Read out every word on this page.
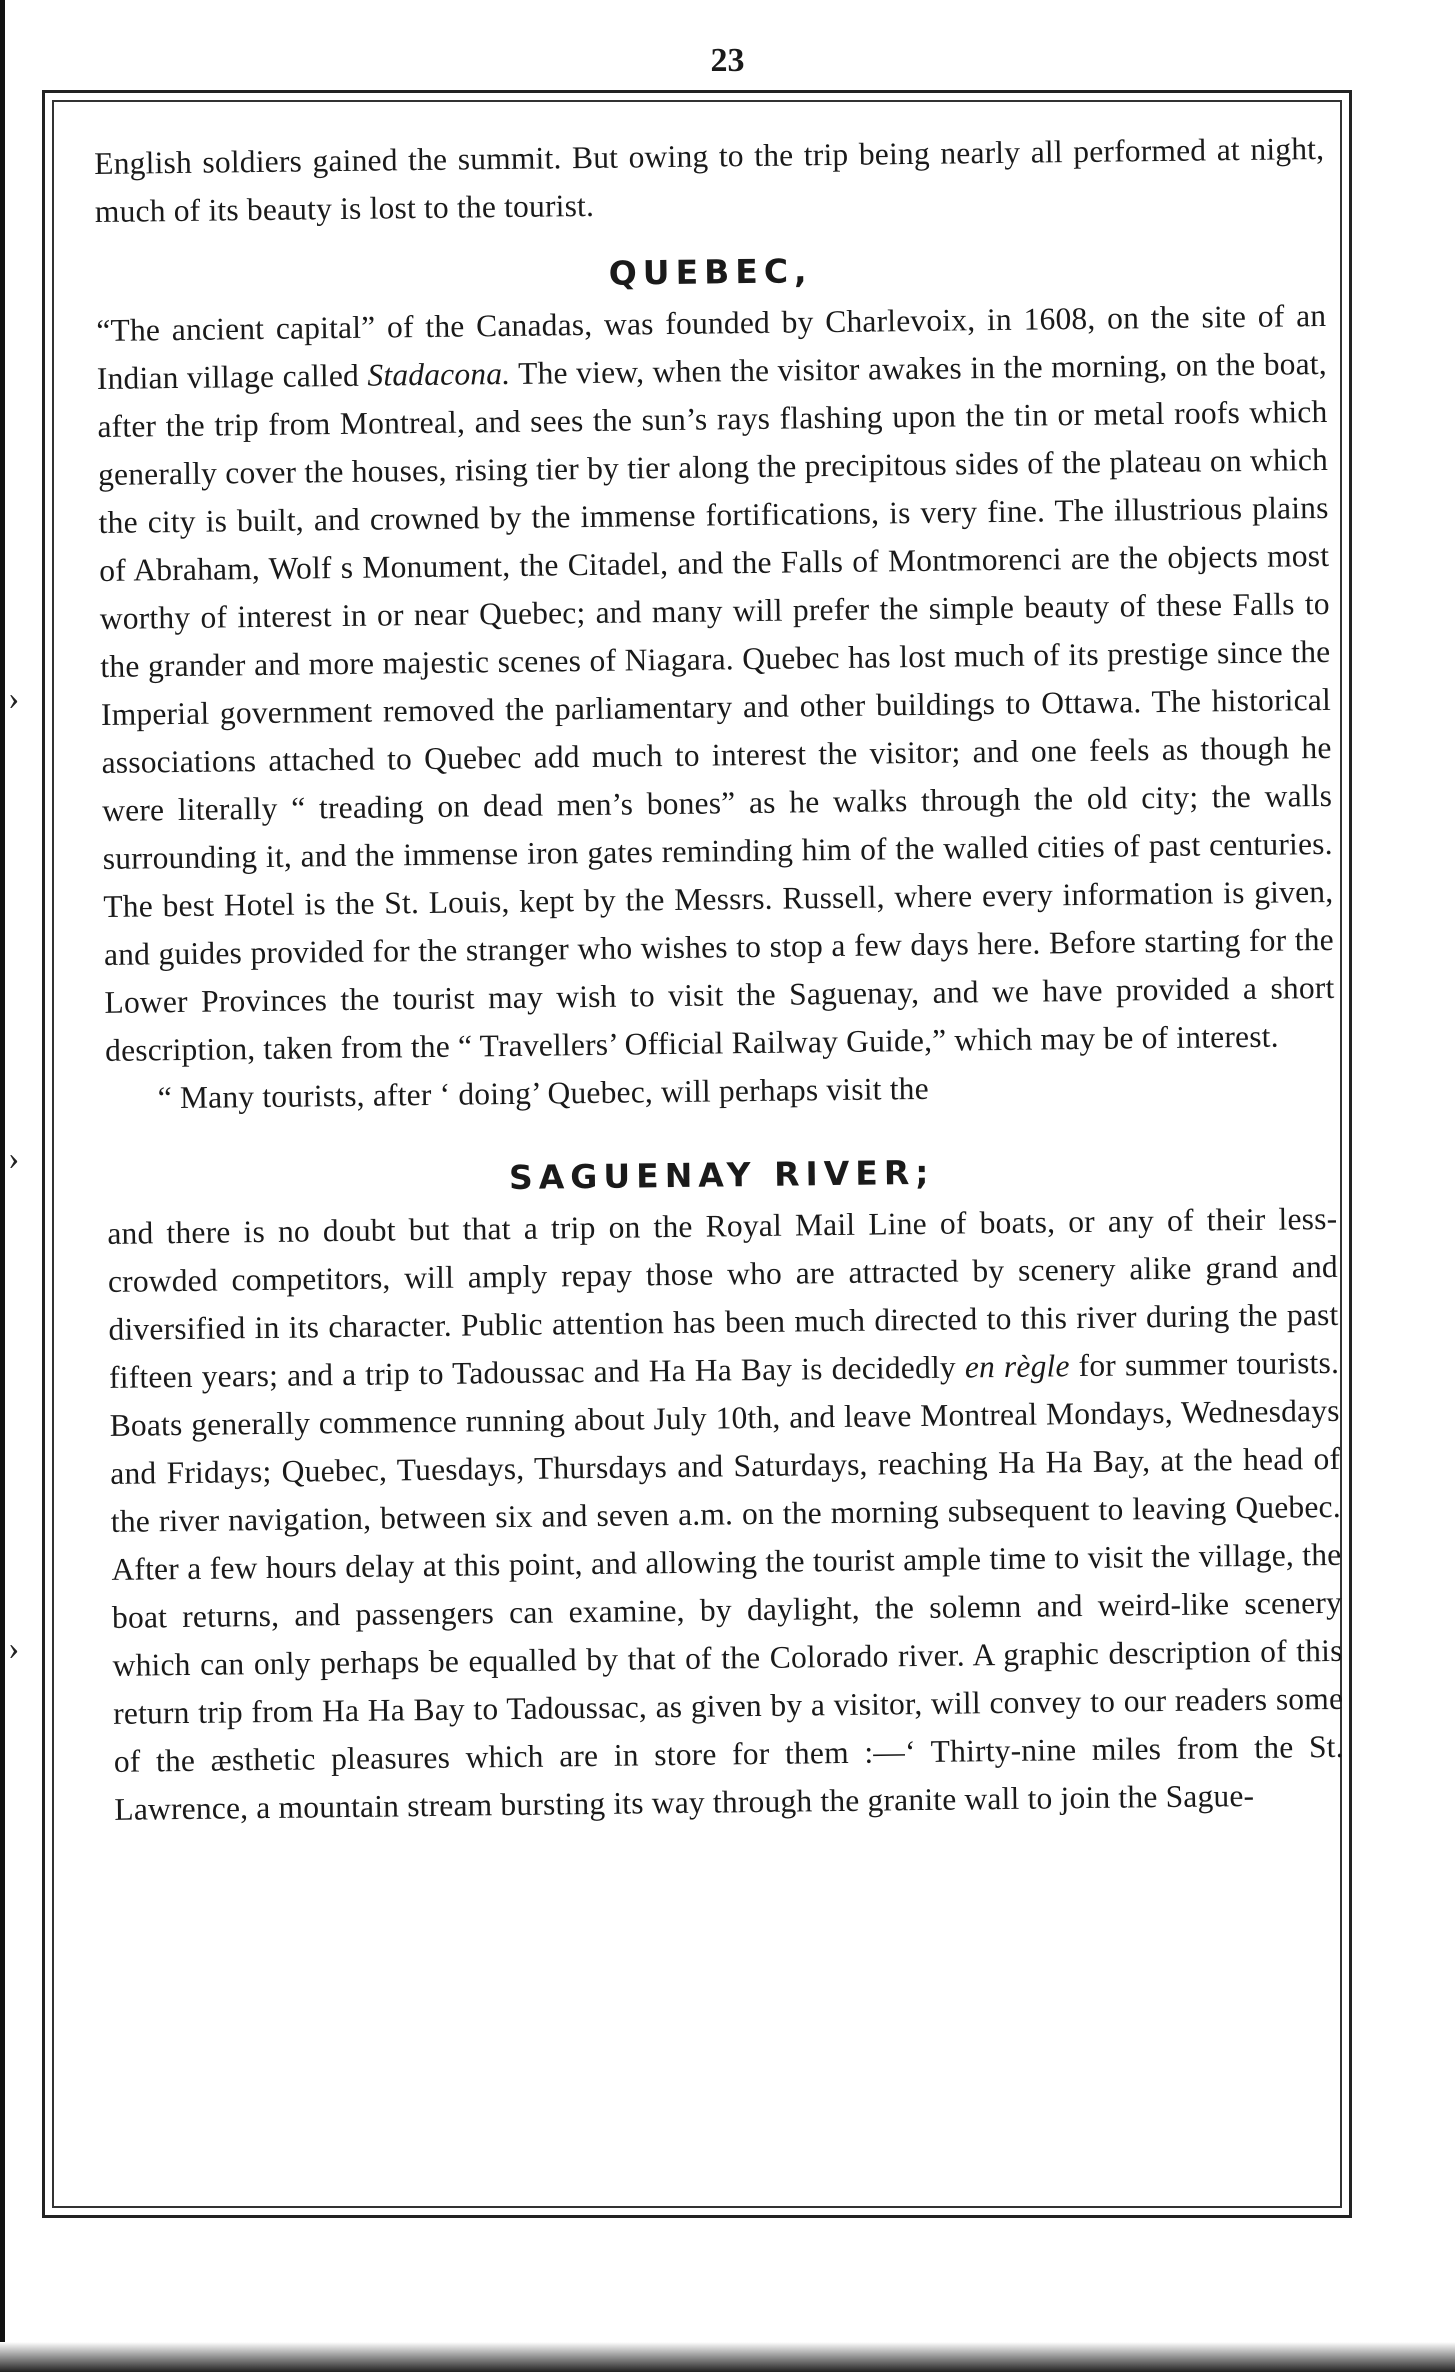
›
›
›
23

English soldiers gained the summit. But owing to the trip being nearly all performed at night, much of its beauty is lost to the tourist.

QUEBEC,

“The ancient capital” of the Canadas, was founded by Charlevoix, in 1608, on the site of an Indian village called Stadacona. The view, when the visitor awakes in the morning, on the boat, after the trip from Montreal, and sees the sun’s rays flashing upon the tin or metal roofs which generally cover the houses, rising tier by tier along the precipitous sides of the plateau on which the city is built, and crowned by the immense fortifications, is very fine. The illustrious plains of Abraham, Wolf s Monument, the Citadel, and the Falls of Montmorenci are the objects most worthy of interest in or near Quebec; and many will prefer the simple beauty of these Falls to the grander and more majestic scenes of Niagara. Quebec has lost much of its prestige since the Imperial government removed the parliamentary and other buildings to Ottawa. The historical associations attached to Quebec add much to interest the visitor; and one feels as though he were literally “ treading on dead men’s bones” as he walks through the old city; the walls surrounding it, and the immense iron gates reminding him of the walled cities of past centuries. The best Hotel is the St. Louis, kept by the Messrs. Russell, where every information is given, and guides provided for the stranger who wishes to stop a few days here. Before starting for the Lower Provinces the tourist may wish to visit the Saguenay, and we have provided a short description, taken from the “ Travellers’ Official Railway Guide,” which may be of interest.

“ Many tourists, after ‘ doing’ Quebec, will perhaps visit the

SAGUENAY RIVER;

and there is no doubt but that a trip on the Royal Mail Line of boats, or any of their less-crowded competitors, will amply repay those who are attracted by scenery alike grand and diversified in its character. Public attention has been much directed to this river during the past fifteen years; and a trip to Tadoussac and Ha Ha Bay is decidedly en règle for summer tourists. Boats generally commence running about July 10th, and leave Montreal Mondays, Wednesdays and Fridays; Quebec, Tuesdays, Thursdays and Saturdays, reaching Ha Ha Bay, at the head of the river navigation, between six and seven a.m. on the morning subsequent to leaving Quebec. After a few hours delay at this point, and allowing the tourist ample time to visit the village, the boat returns, and passengers can examine, by daylight, the solemn and weird-like scenery which can only perhaps be equalled by that of the Colorado river. A graphic description of this return trip from Ha Ha Bay to Tadoussac, as given by a visitor, will convey to our readers some of the æsthetic pleasures which are in store for them :—‘ Thirty-nine miles from the St. Lawrence, a mountain stream bursting its way through the granite wall to join the Sague-
